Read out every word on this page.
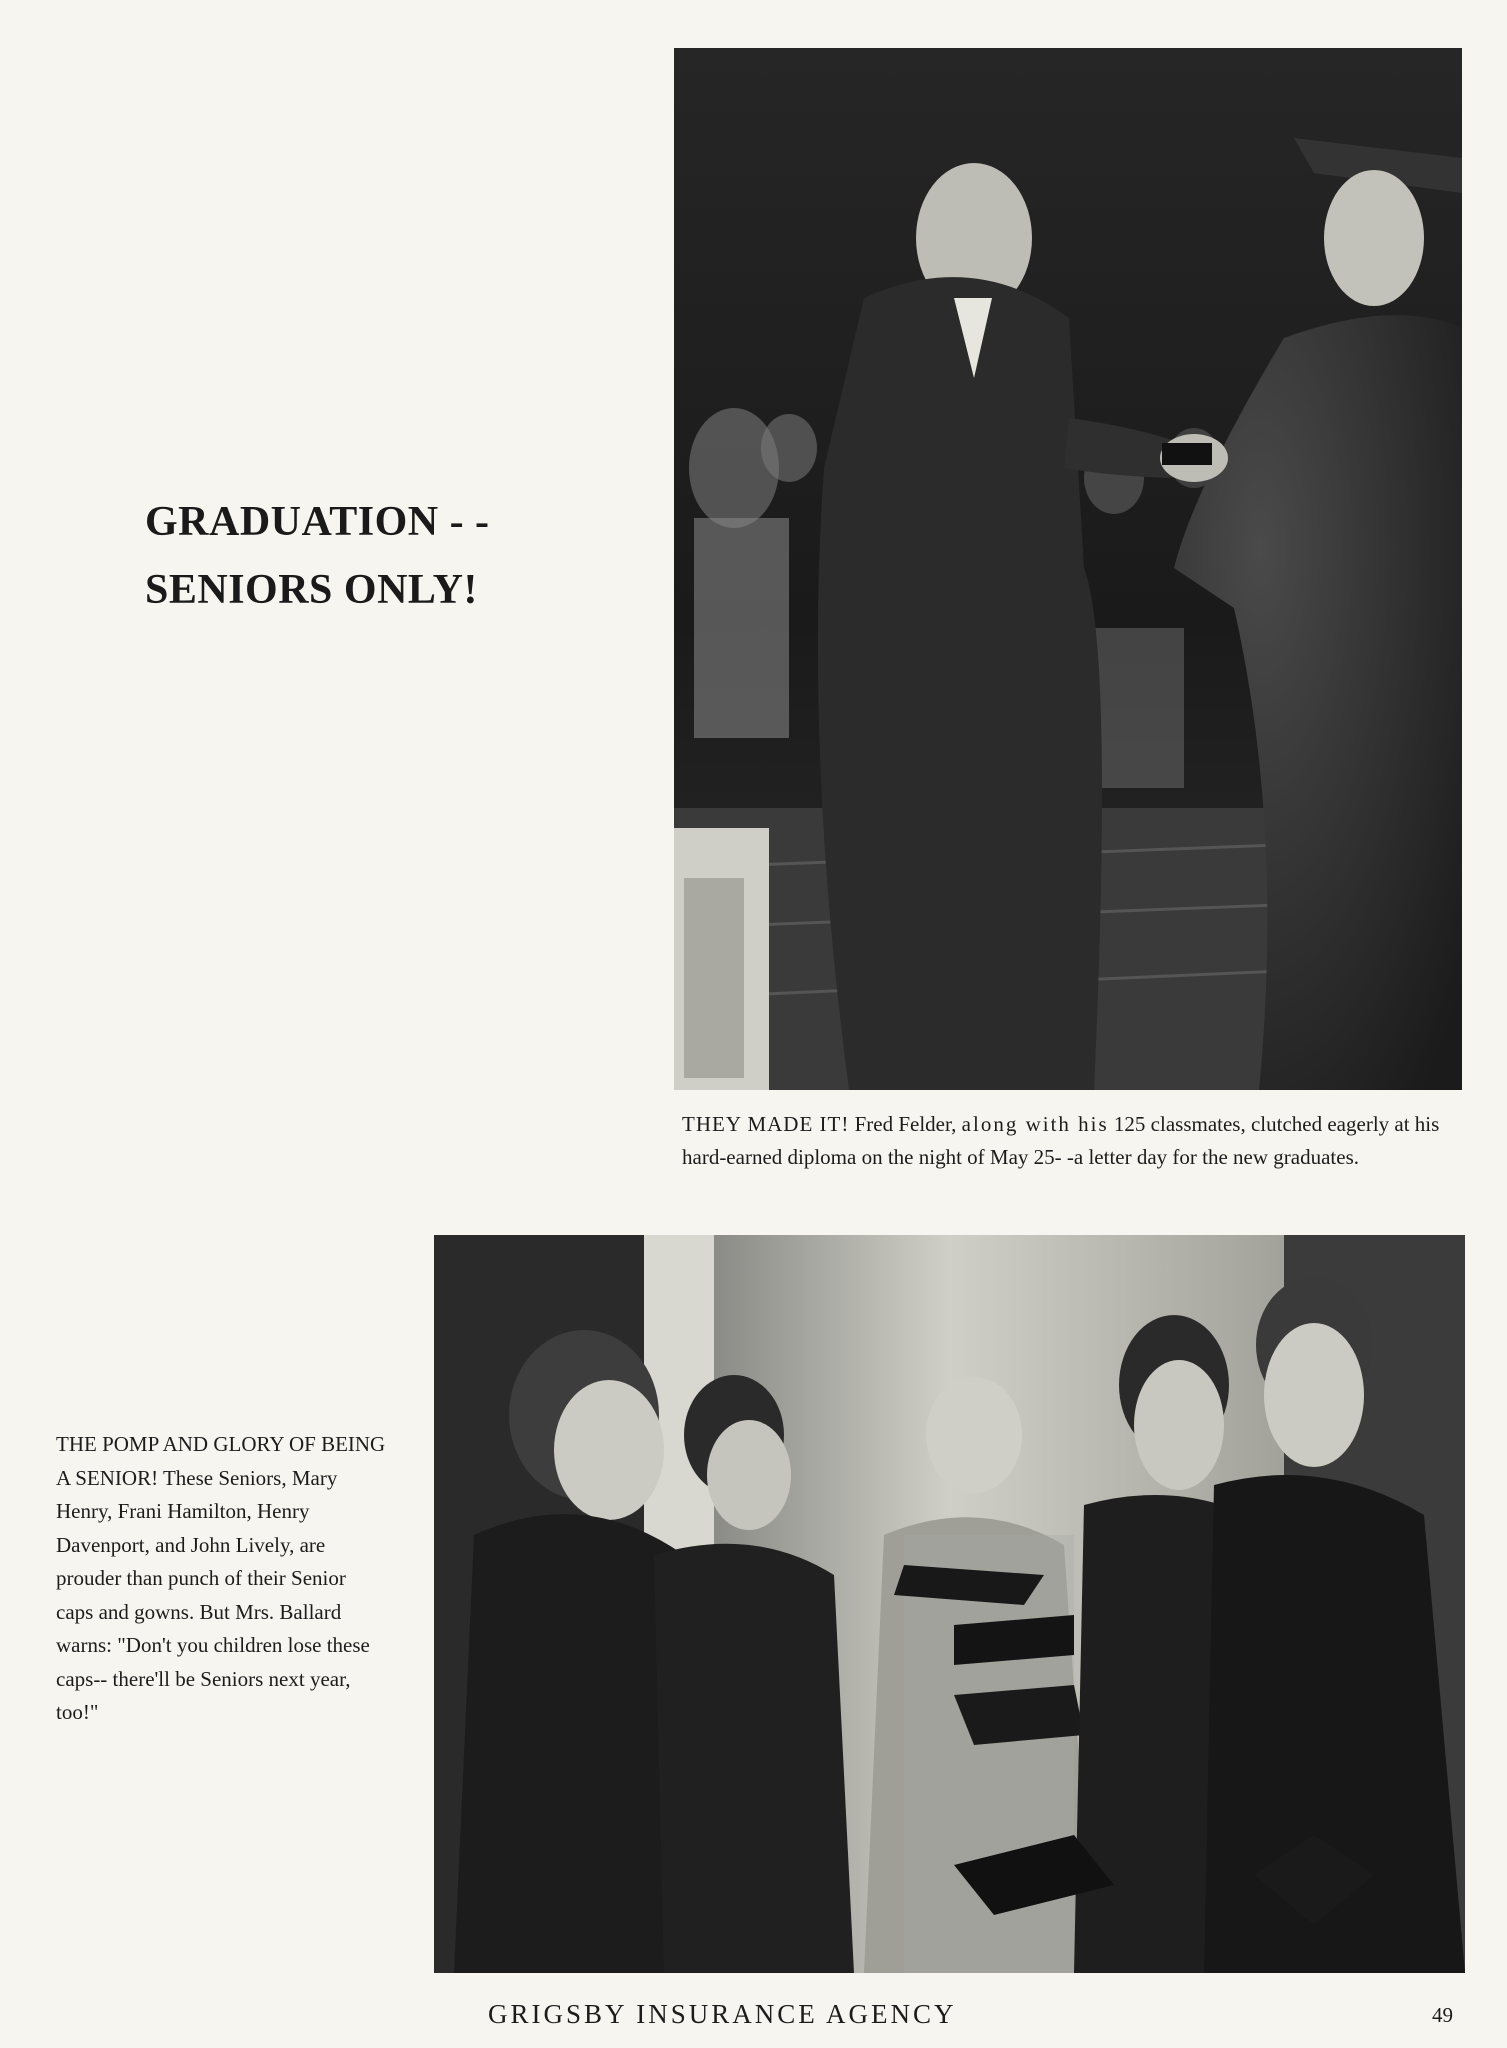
GRADUATION - -
SENIORS ONLY!
THEY MADE IT! Fred Felder, along with his 125 classmates, clutched eagerly at his hard-earned diploma on the night of May 25- -a letter day for the new graduates.
THE POMP AND GLORY OF BEING A SENIOR! These Seniors, Mary Henry, Frani Hamilton, Henry Davenport, and John Lively, are prouder than punch of their Senior caps and gowns. But Mrs. Ballard warns: "Don't you children lose these caps-- there'll be Seniors next year, too!"
GRIGSBY INSURANCE AGENCY	49
